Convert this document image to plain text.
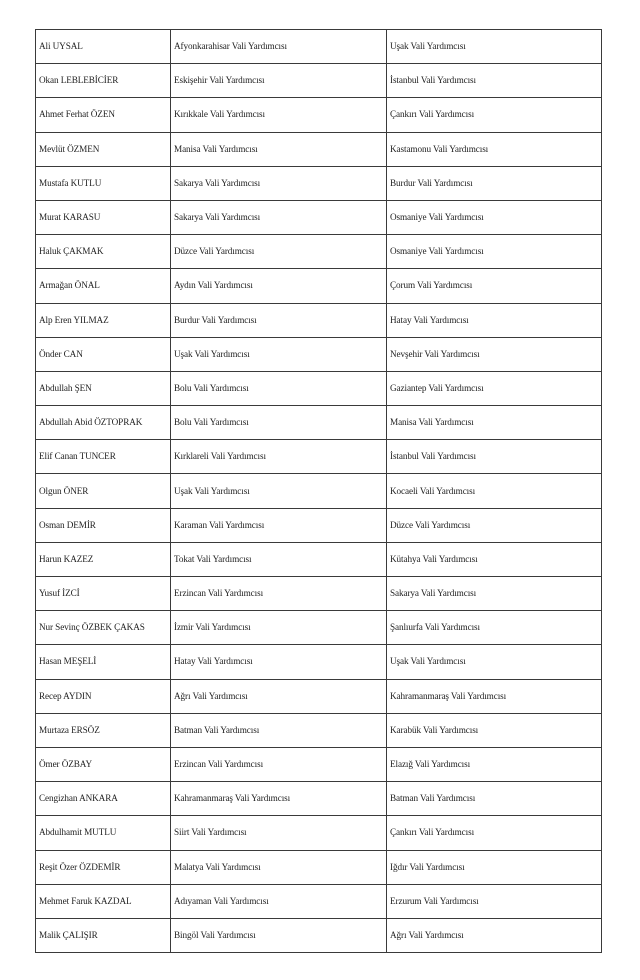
Ali UYSAL	Afyonkarahisar Vali Yardımcısı	Uşak Vali Yardımcısı
Okan LEBLEBİCİER	Eskişehir Vali Yardımcısı	İstanbul Vali Yardımcısı
Ahmet Ferhat ÖZEN	Kırıkkale Vali Yardımcısı	Çankırı Vali Yardımcısı
Mevlüt ÖZMEN	Manisa Vali Yardımcısı	Kastamonu Vali Yardımcısı
Mustafa KUTLU	Sakarya Vali Yardımcısı	Burdur Vali Yardımcısı
Murat KARASU	Sakarya Vali Yardımcısı	Osmaniye Vali Yardımcısı
Haluk ÇAKMAK	Düzce Vali Yardımcısı	Osmaniye Vali Yardımcısı
Armağan ÖNAL	Aydın Vali Yardımcısı	Çorum Vali Yardımcısı
Alp Eren YILMAZ	Burdur Vali Yardımcısı	Hatay Vali Yardımcısı
Önder CAN	Uşak Vali Yardımcısı	Nevşehir Vali Yardımcısı
Abdullah ŞEN	Bolu Vali Yardımcısı	Gaziantep Vali Yardımcısı
Abdullah Abid ÖZTOPRAK	Bolu Vali Yardımcısı	Manisa Vali Yardımcısı
Elif Canan TUNCER	Kırklareli Vali Yardımcısı	İstanbul Vali Yardımcısı
Olgun ÖNER	Uşak Vali Yardımcısı	Kocaeli Vali Yardımcısı
Osman DEMİR	Karaman Vali Yardımcısı	Düzce Vali Yardımcısı
Harun KAZEZ	Tokat Vali Yardımcısı	Kütahya Vali Yardımcısı
Yusuf İZCİ	Erzincan Vali Yardımcısı	Sakarya Vali Yardımcısı
Nur Sevinç ÖZBEK ÇAKAS	İzmir Vali Yardımcısı	Şanlıurfa Vali Yardımcısı
Hasan MEŞELİ	Hatay Vali Yardımcısı	Uşak Vali Yardımcısı
Recep AYDIN	Ağrı Vali Yardımcısı	Kahramanmaraş Vali Yardımcısı
Murtaza ERSÖZ	Batman Vali Yardımcısı	Karabük Vali Yardımcısı
Ömer ÖZBAY	Erzincan Vali Yardımcısı	Elazığ Vali Yardımcısı
Cengizhan ANKARA	Kahramanmaraş Vali Yardımcısı	Batman Vali Yardımcısı
Abdulhamit MUTLU	Siirt Vali Yardımcısı	Çankırı Vali Yardımcısı
Reşit Özer ÖZDEMİR	Malatya Vali Yardımcısı	Iğdır Vali Yardımcısı
Mehmet Faruk KAZDAL	Adıyaman Vali Yardımcısı	Erzurum Vali Yardımcısı
Malik ÇALIŞIR	Bingöl Vali Yardımcısı	Ağrı Vali Yardımcısı
